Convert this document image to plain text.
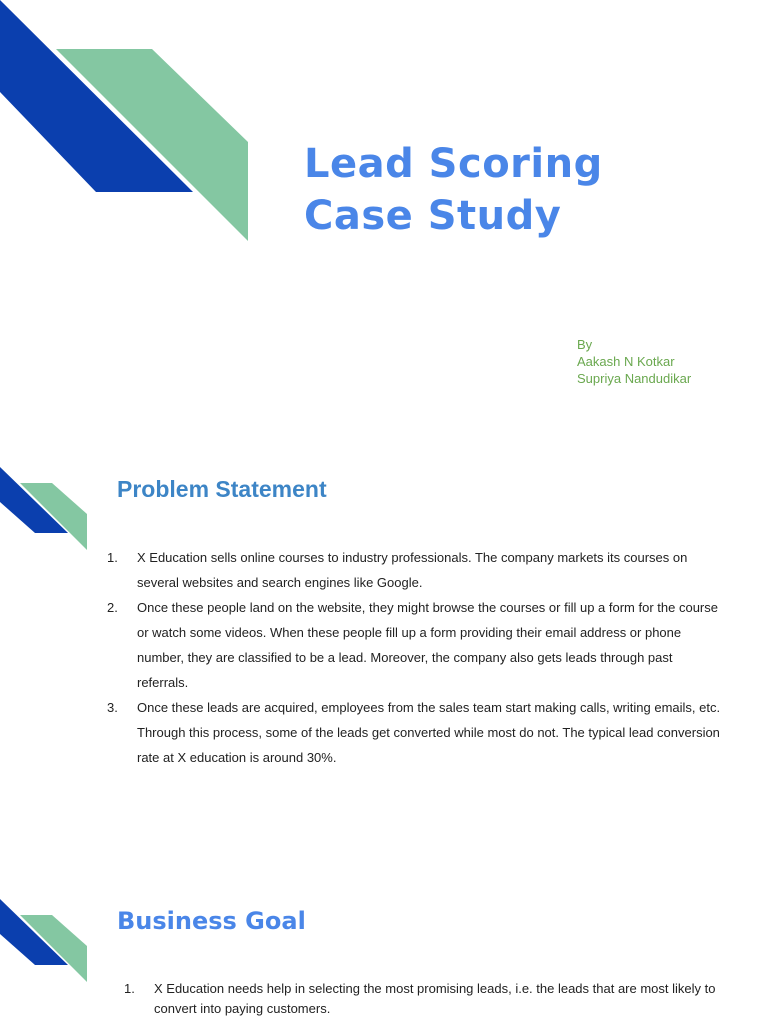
Lead Scoring
Case Study
By
Aakash N Kotkar
Supriya Nandudikar
Problem Statement
1. X Education sells online courses to industry professionals. The company markets its courses on several websites and search engines like Google.
2. Once these people land on the website, they might browse the courses or fill up a form for the course or watch some videos. When these people fill up a form providing their email address or phone number, they are classified to be a lead. Moreover, the company also gets leads through past referrals.
3. Once these leads are acquired, employees from the sales team start making calls, writing emails, etc. Through this process, some of the leads get converted while most do not. The typical lead conversion rate at X education is around 30%.
Business Goal
1. X Education needs help in selecting the most promising leads, i.e. the leads that are most likely to convert into paying customers.
